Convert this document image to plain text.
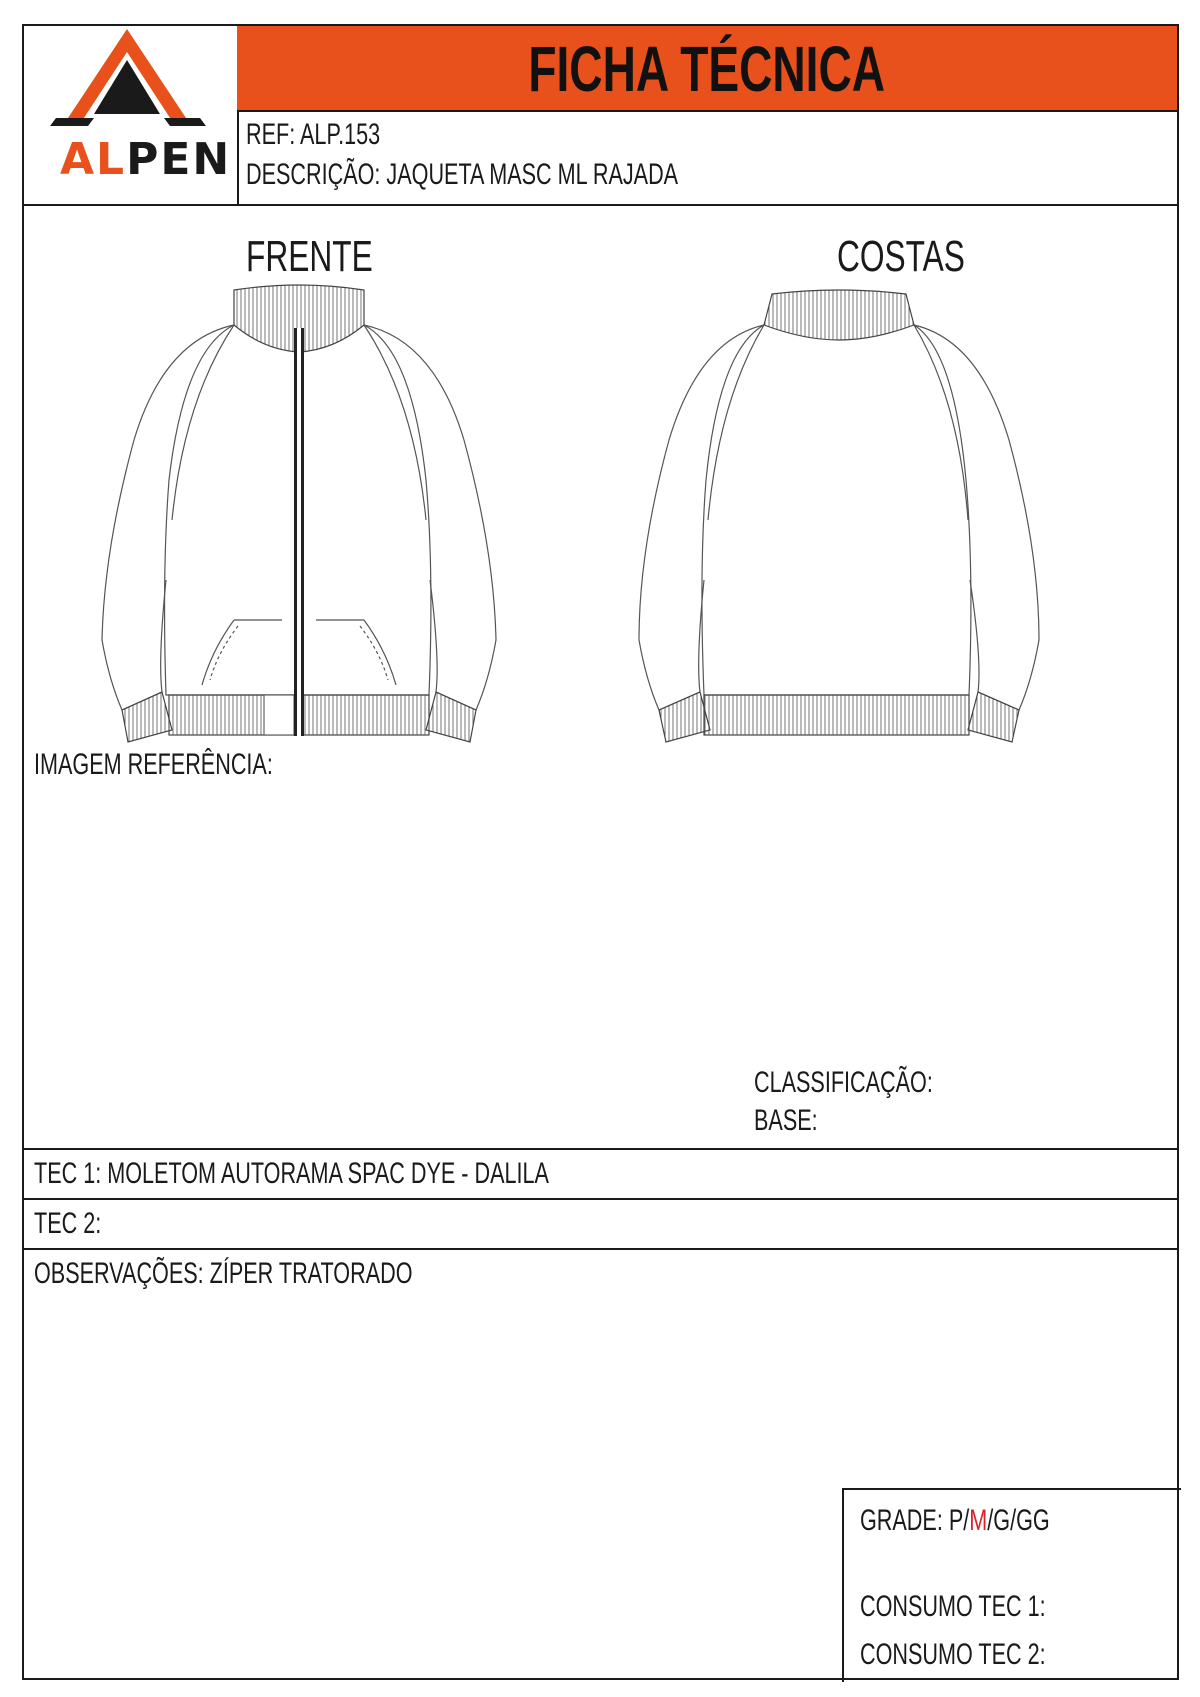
ALPEN
FICHA TÉCNICA
REF: ALP.153
DESCRIÇÃO: JAQUETA MASC ML RAJADA
FRENTE	COSTAS
IMAGEM REFERÊNCIA:
CLASSIFICAÇÃO:
BASE:
TEC 1: MOLETOM AUTORAMA SPAC DYE - DALILA
TEC 2:
OBSERVAÇÕES: ZÍPER TRATORADO
GRADE: P/M/G/GG
CONSUMO TEC 1:
CONSUMO TEC 2:
